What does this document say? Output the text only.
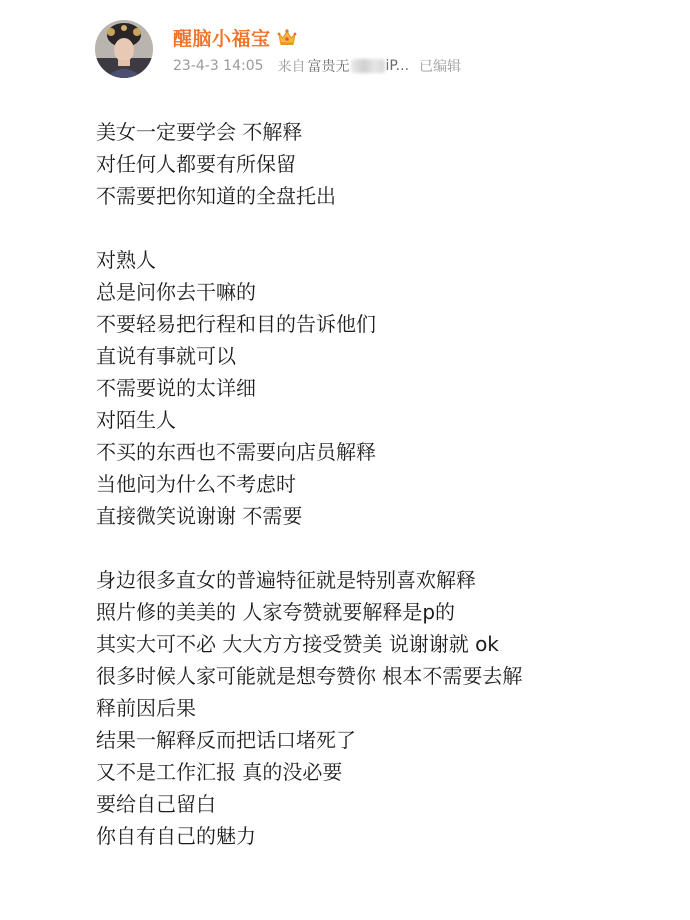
醒脑小福宝
23-4-3 14:05 来自 富贵无	iP... 已编辑
美女一定要学会 不解释
对任何人都要有所保留
不需要把你知道的全盘托出
对熟人
总是问你去干嘛的
不要轻易把行程和目的告诉他们
直说有事就可以
不需要说的太详细
对陌生人
不买的东西也不需要向店员解释
当他问为什么不考虑时
直接微笑说谢谢 不需要
身边很多直女的普遍特征就是特别喜欢解释
照片修的美美的 人家夸赞就要解释是p的
其实大可不必 大大方方接受赞美 说谢谢就 ok
很多时候人家可能就是想夸赞你 根本不需要去解
释前因后果
结果一解释反而把话口堵死了
又不是工作汇报 真的没必要
要给自己留白
你自有自己的魅力
